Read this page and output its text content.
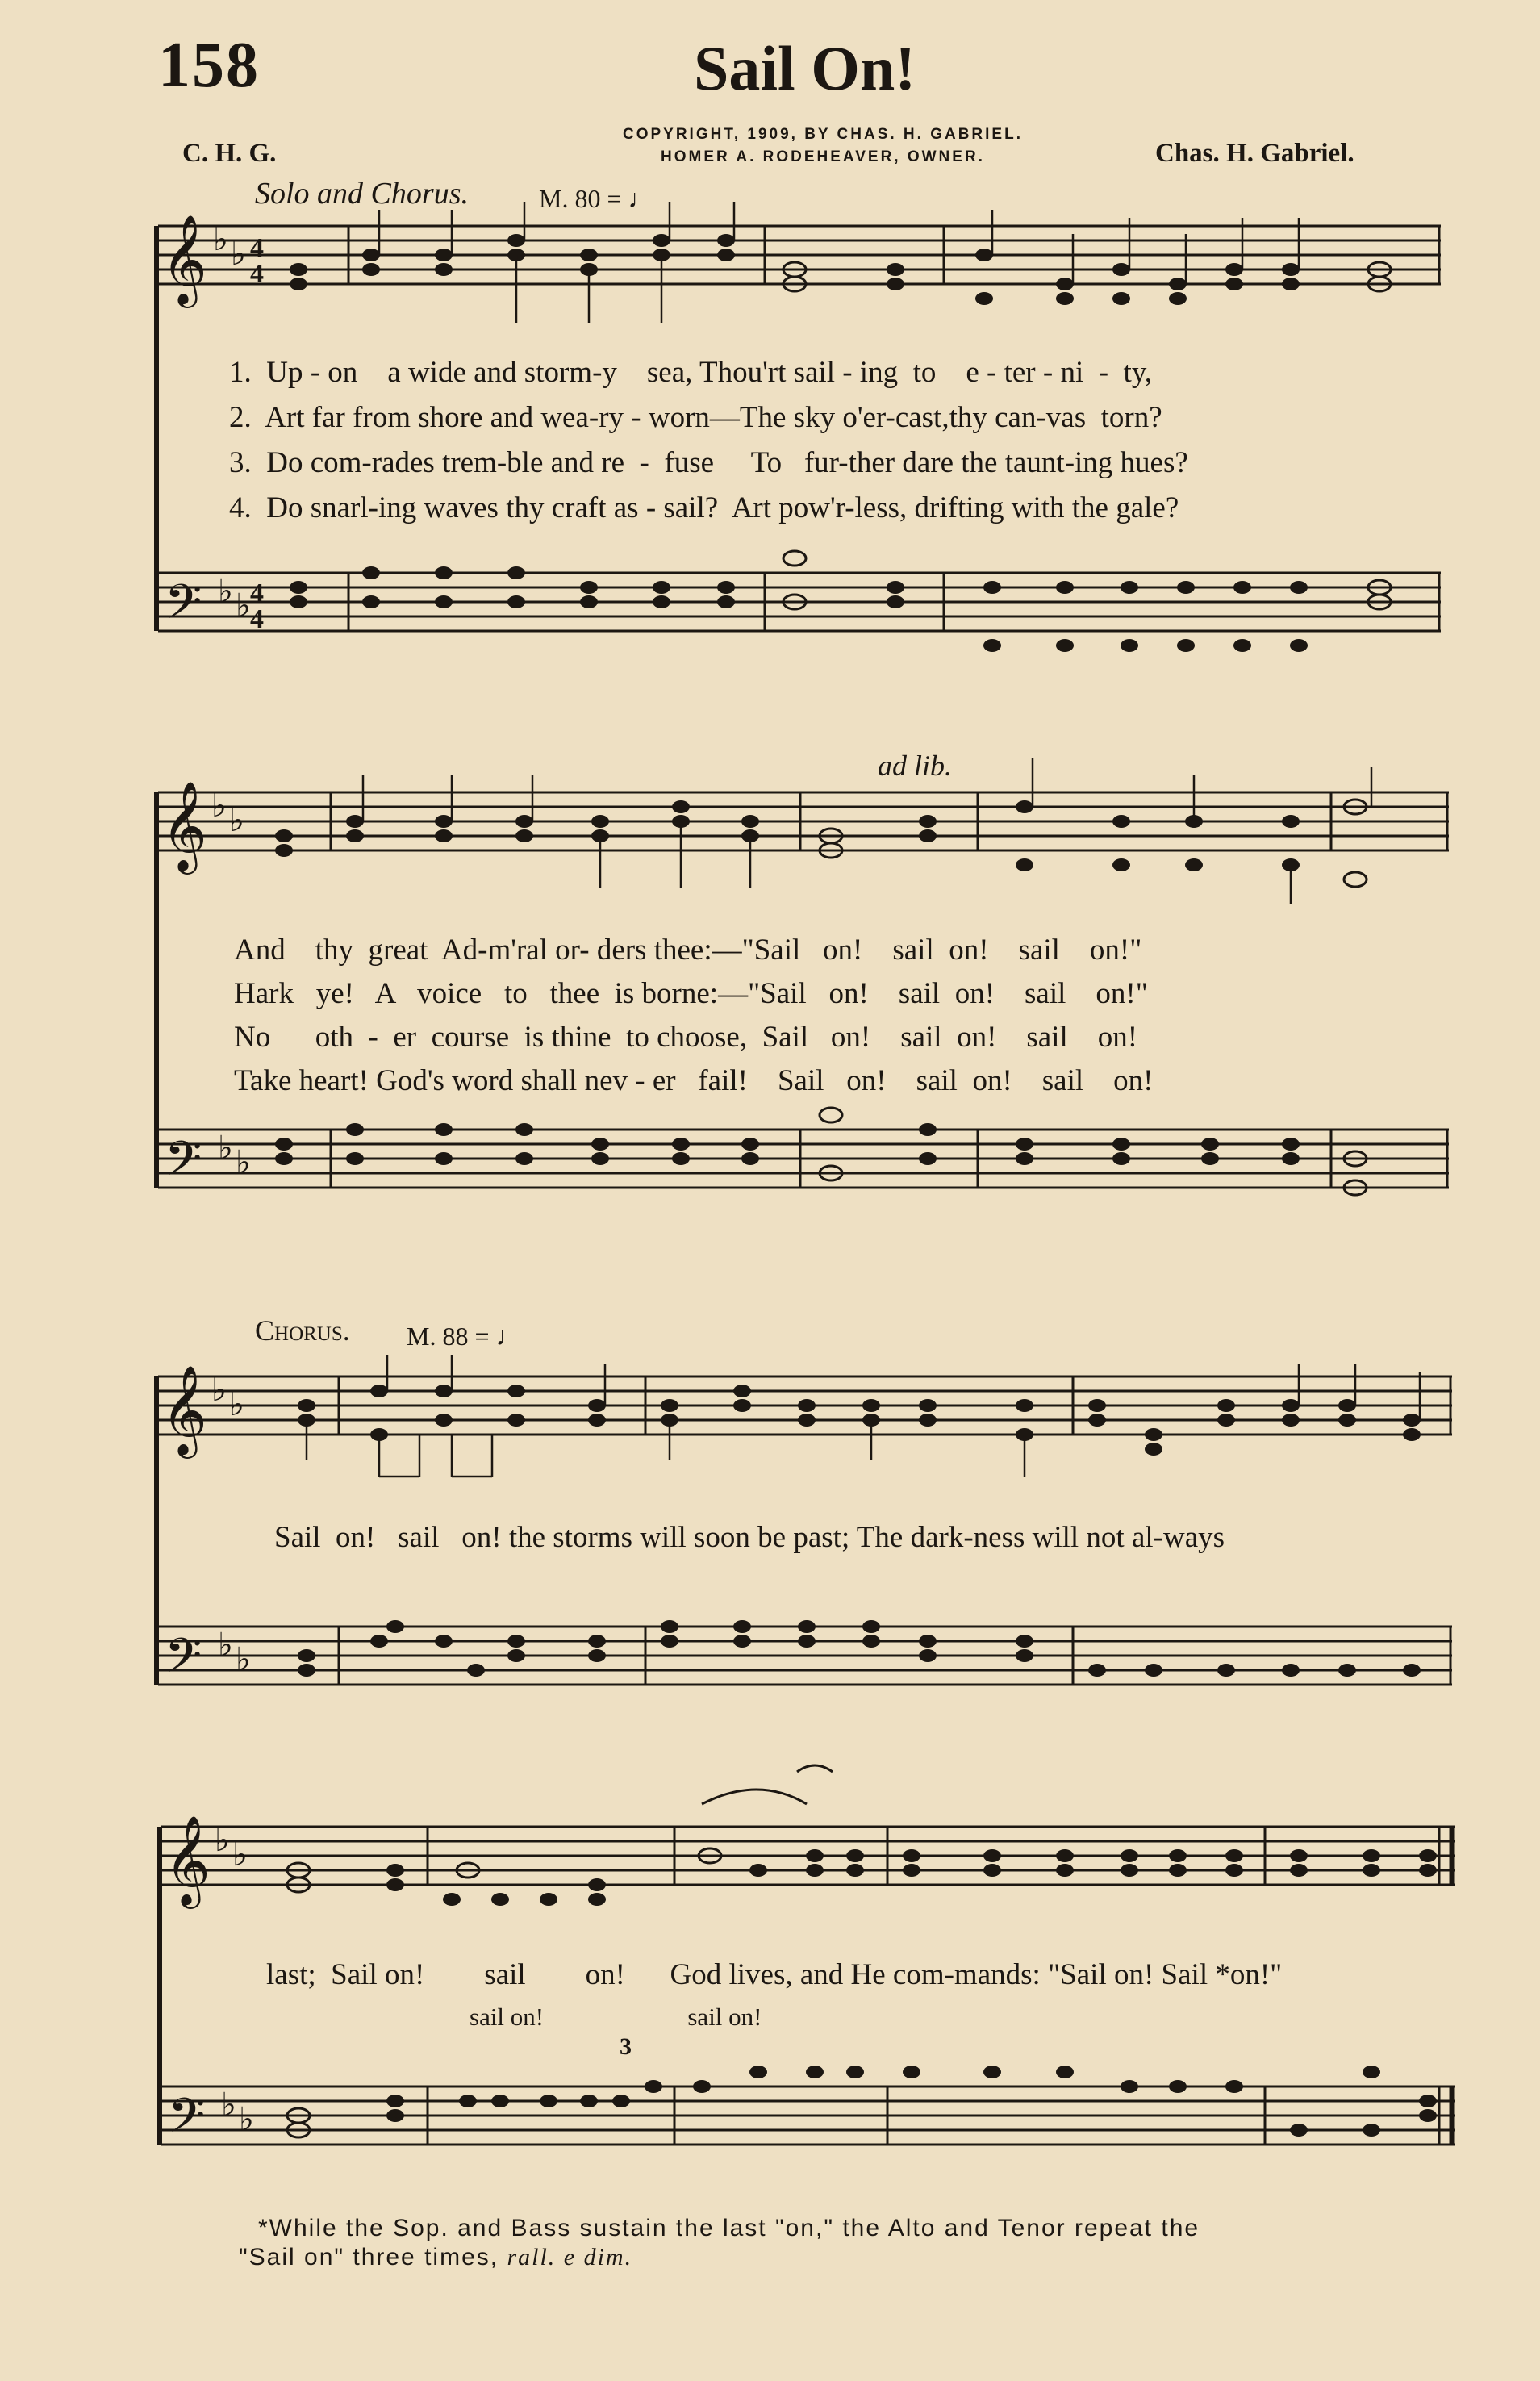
158	Sail On!
COPYRIGHT, 1909, BY CHAS. H. GABRIEL.
HOMER A. RODEHEAVER, OWNER.
C. H. G.	Chas. H. Gabriel.
Solo and Chorus.	M. 80 = ♩
𝄞 ♭ ♭ 4
4
𝄢 ♭ ♭ 4
4
1.  Up - on    a wide and storm-y    sea, Thou'rt sail - ing  to    e - ter - ni  -  ty,
2.  Art far from shore and wea-ry - worn—The sky o'er-cast,thy can-vas  torn?
3.  Do com-rades trem-ble and re  -  fuse     To   fur-ther dare the taunt-ing hues?
4.  Do snarl-ing waves thy craft as - sail?  Art pow'r-less, drifting with the gale?
ad lib.
𝄞 ♭ ♭
𝄢 ♭ ♭
And    thy  great  Ad-m'ral or- ders thee:—"Sail   on!    sail  on!    sail    on!"
Hark   ye!   A   voice   to   thee  is borne:—"Sail   on!    sail  on!    sail    on!"
No      oth  -  er  course  is thine  to choose,  Sail   on!    sail  on!    sail    on!
Take heart! God's word shall nev - er   fail!    Sail   on!    sail  on!    sail    on!
Chorus. M. 88 = ♩
𝄞 ♭ ♭
𝄢 ♭ ♭
Sail  on!   sail   on! the storms will soon be past; The dark-ness will not al-ways
𝄞 ♭ ♭
𝄢 ♭ ♭
last;  Sail on!        sail        on!      God lives, and He com-mands: "Sail on! Sail *on!"
sail on!                       sail on!
3
*While the Sop. and Bass sustain the last "on," the Alto and Tenor repeat the
"Sail on" three times, rall. e dim.
